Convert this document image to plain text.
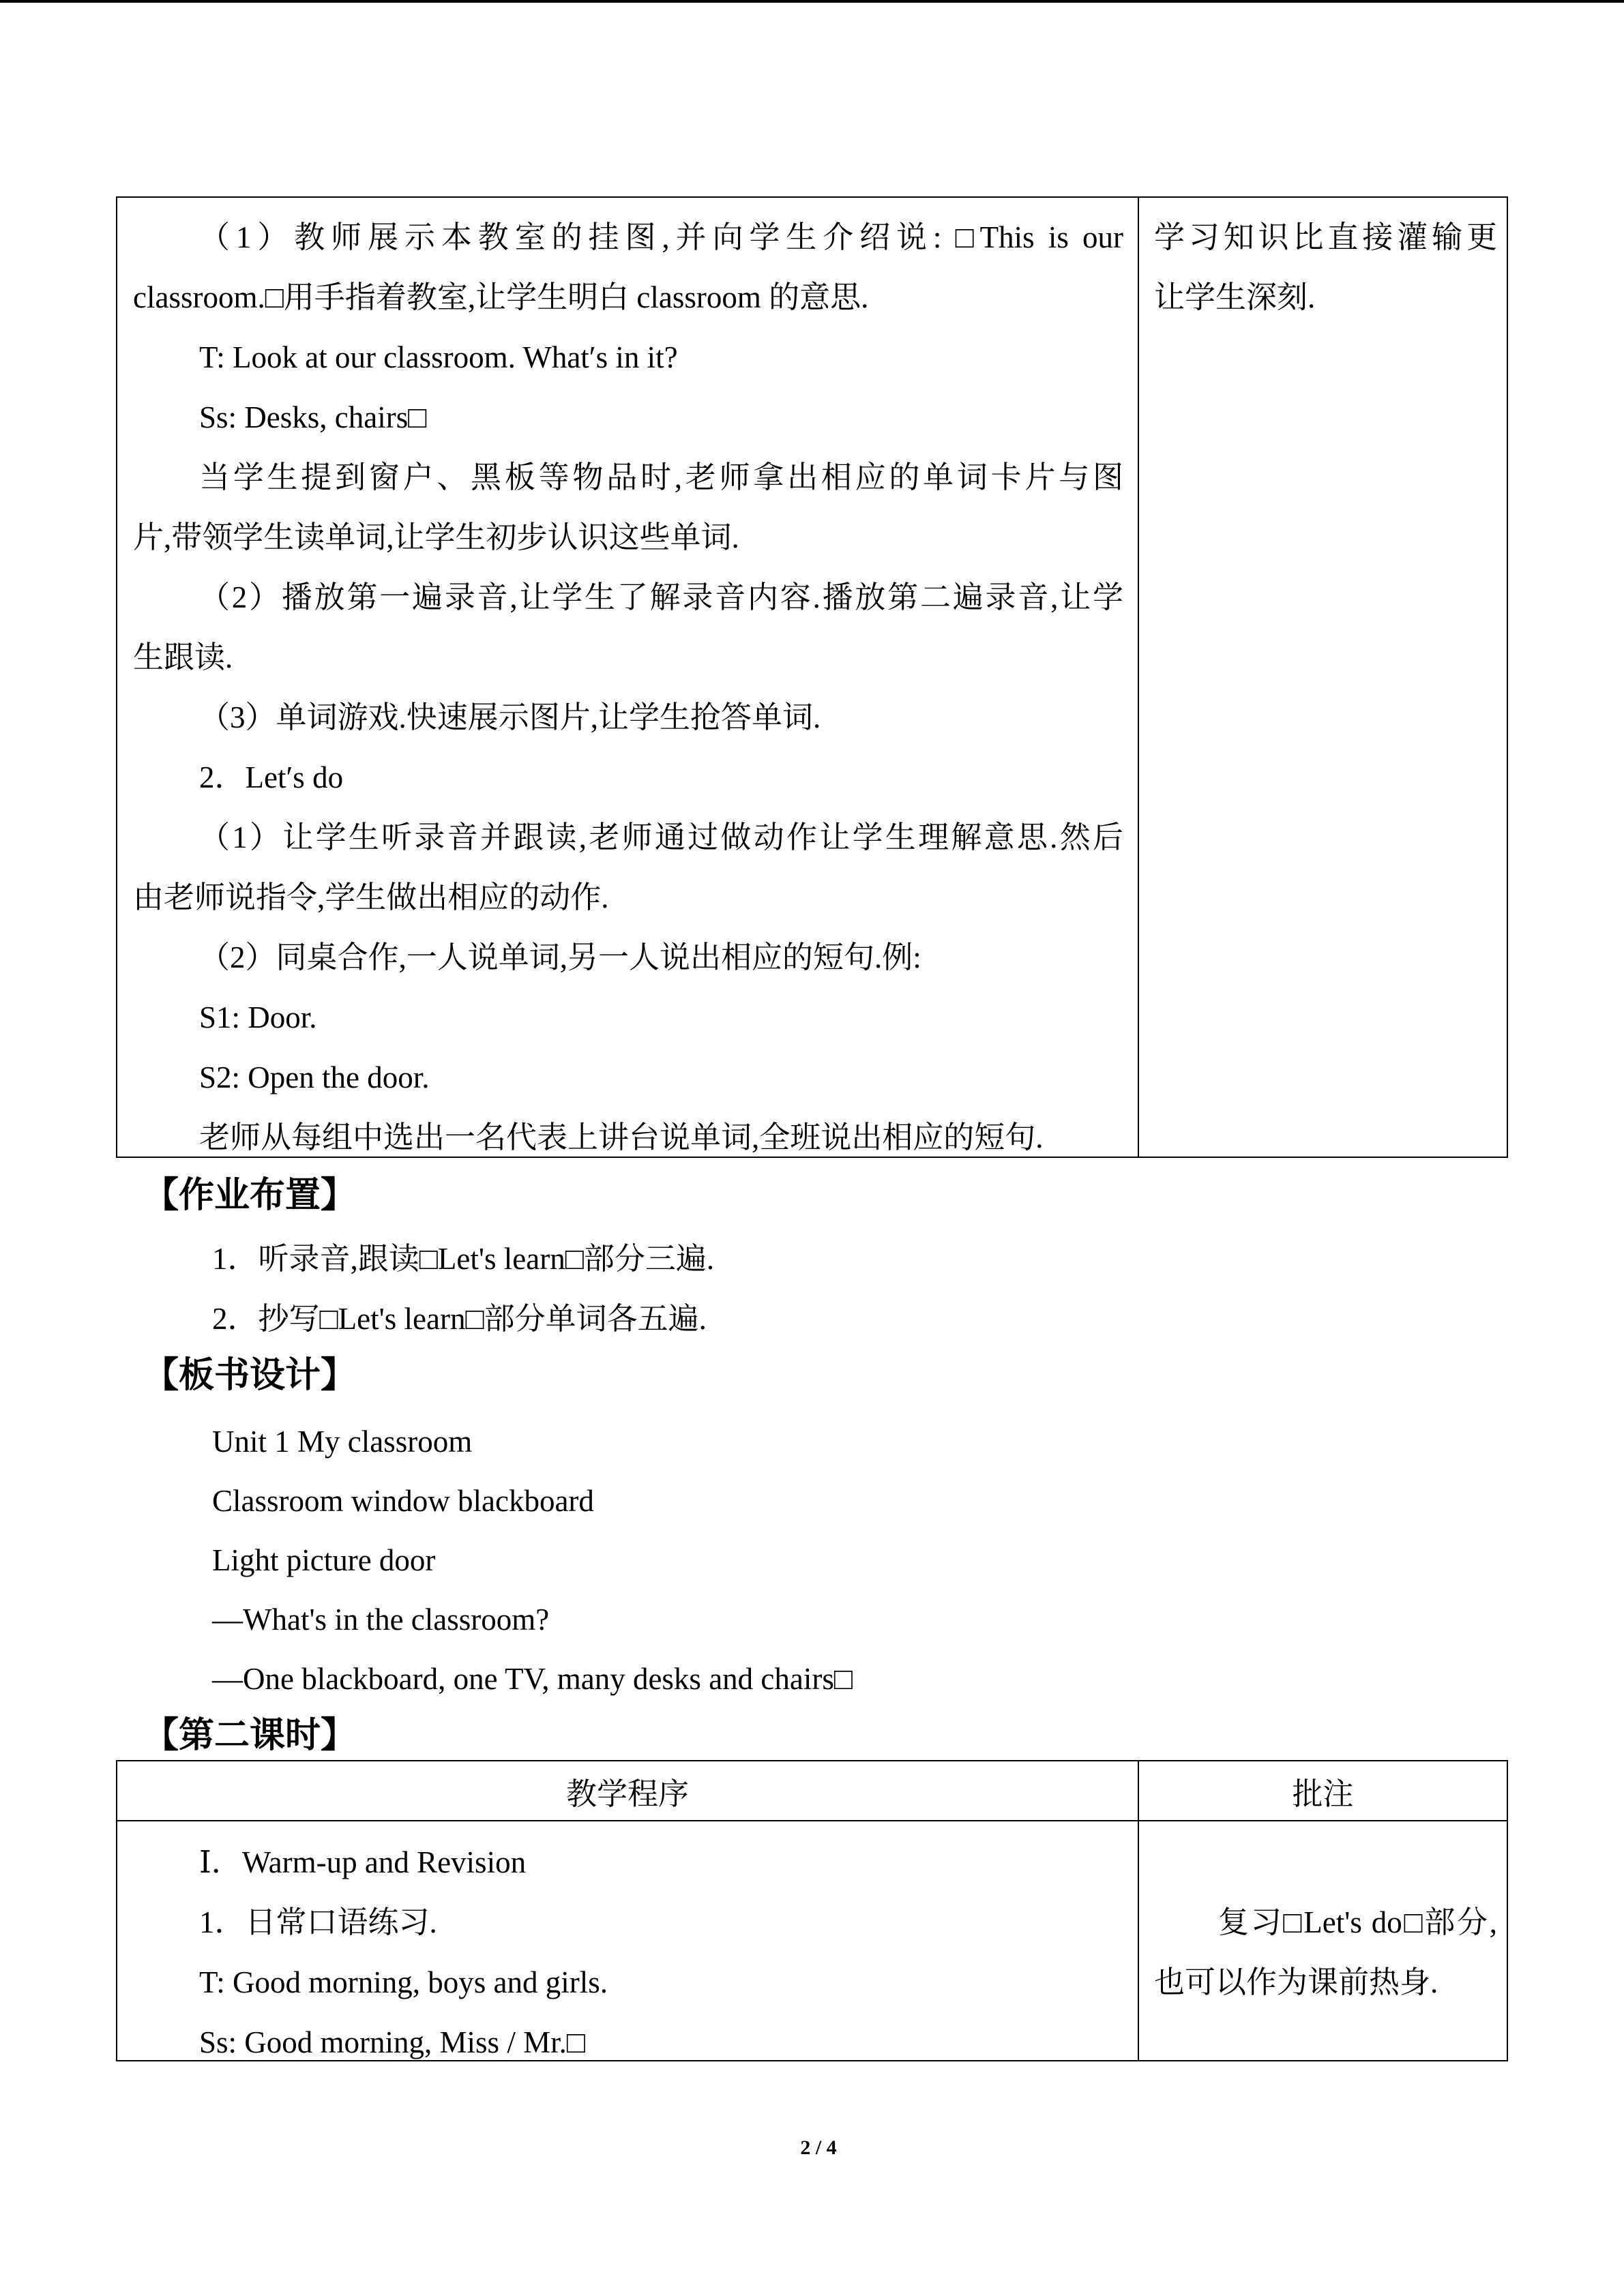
（1）教师展示本教室的挂图,并向学生介绍说: □This is our
classroom.□用手指着教室,让学生明白 classroom 的意思.
T: Look at our classroom. What′s in it?
Ss: Desks, chairs□
当学生提到窗户、黑板等物品时,老师拿出相应的单词卡片与图
片,带领学生读单词,让学生初步认识这些单词.
（2）播放第一遍录音,让学生了解录音内容.播放第二遍录音,让学
生跟读.
（3）单词游戏.快速展示图片,让学生抢答单词.
2．Let′s do
（1）让学生听录音并跟读,老师通过做动作让学生理解意思.然后
由老师说指令,学生做出相应的动作.
（2）同桌合作,一人说单词,另一人说出相应的短句.例:
S1: Door.
S2: Open the door.
老师从每组中选出一名代表上讲台说单词,全班说出相应的短句.
学习知识比直接灌输更
让学生深刻.
【作业布置】
1．听录音,跟读□Let's learn□部分三遍.
2．抄写□Let's learn□部分单词各五遍.
【板书设计】
Unit 1 My classroom
Classroom window blackboard
Light picture door
—What's in the classroom?
—One blackboard, one TV, many desks and chairs□
【第二课时】
教学程序	批注
Ⅰ．Warm-up and Revision
1．日常口语练习.
T: Good morning, boys and girls.
Ss: Good morning, Miss / Mr.□
复习□Let's do□部分,
也可以作为课前热身.
2 / 4
